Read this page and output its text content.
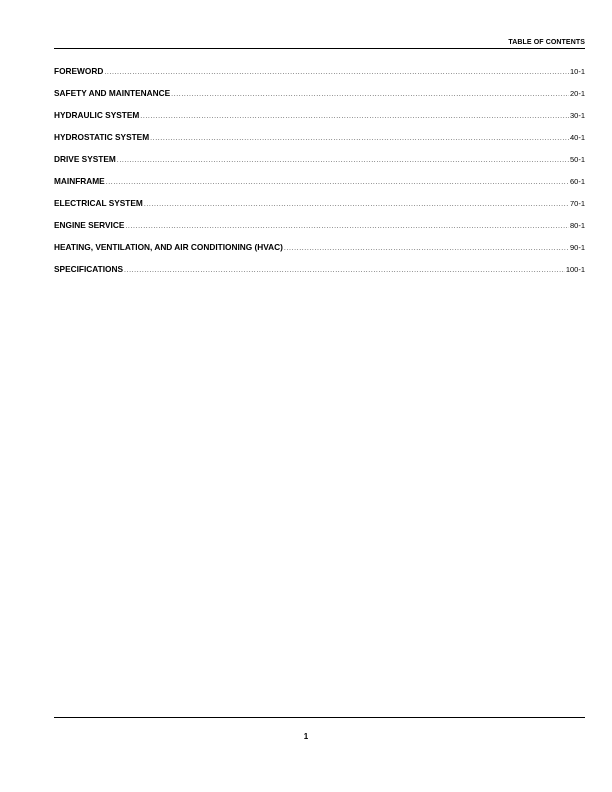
TABLE OF CONTENTS
FOREWORD .....	10-1
SAFETY AND MAINTENANCE .....	20-1
HYDRAULIC SYSTEM .....	30-1
HYDROSTATIC SYSTEM .....	40-1
DRIVE SYSTEM .....	50-1
MAINFRAME .....	60-1
ELECTRICAL SYSTEM .....	70-1
ENGINE SERVICE .....	80-1
HEATING, VENTILATION, AND AIR CONDITIONING (HVAC) .....	90-1
SPECIFICATIONS .....	100-1
1
